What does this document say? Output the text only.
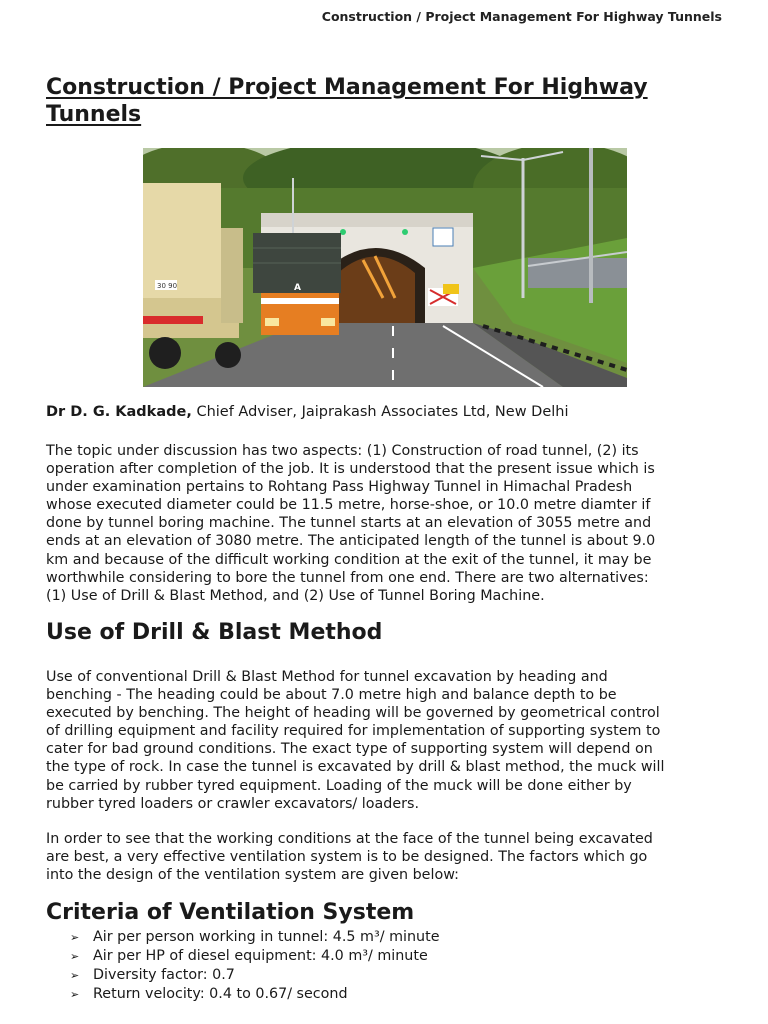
Construction / Project Management For Highway Tunnels
Construction / Project Management For Highway
Tunnels
30 90	A
Dr D. G. Kadkade, Chief Adviser, Jaiprakash Associates Ltd, New Delhi

The topic under discussion has two aspects: (1) Construction of road tunnel, (2) its
operation after completion of the job. It is understood that the present issue which is
under examination pertains to Rohtang Pass Highway Tunnel in Himachal Pradesh
whose executed diameter could be 11.5 metre, horse-shoe, or 10.0 metre diamter if
done by tunnel boring machine. The tunnel starts at an elevation of 3055 metre and
ends at an elevation of 3080 metre. The anticipated length of the tunnel is about 9.0
km and because of the difficult working condition at the exit of the tunnel, it may be
worthwhile considering to bore the tunnel from one end. There are two alternatives:
(1) Use of Drill & Blast Method, and (2) Use of Tunnel Boring Machine.

Use of Drill & Blast Method

Use of conventional Drill & Blast Method for tunnel excavation by heading and
benching - The heading could be about 7.0 metre high and balance depth to be
executed by benching. The height of heading will be governed by geometrical control
of drilling equipment and facility required for implementation of supporting system to
cater for bad ground conditions. The exact type of supporting system will depend on
the type of rock. In case the tunnel is excavated by drill & blast method, the muck will
be carried by rubber tyred equipment. Loading of the muck will be done either by
rubber tyred loaders or crawler excavators/ loaders.

In order to see that the working conditions at the face of the tunnel being excavated
are best, a very effective ventilation system is to be designed. The factors which go
into the design of the ventilation system are given below:

Criteria of Ventilation System
➢ Air per person working in tunnel: 4.5 m³/ minute
➢ Air per HP of diesel equipment: 4.0 m³/ minute
➢ Diversity factor: 0.7
➢ Return velocity: 0.4 to 0.67/ second
